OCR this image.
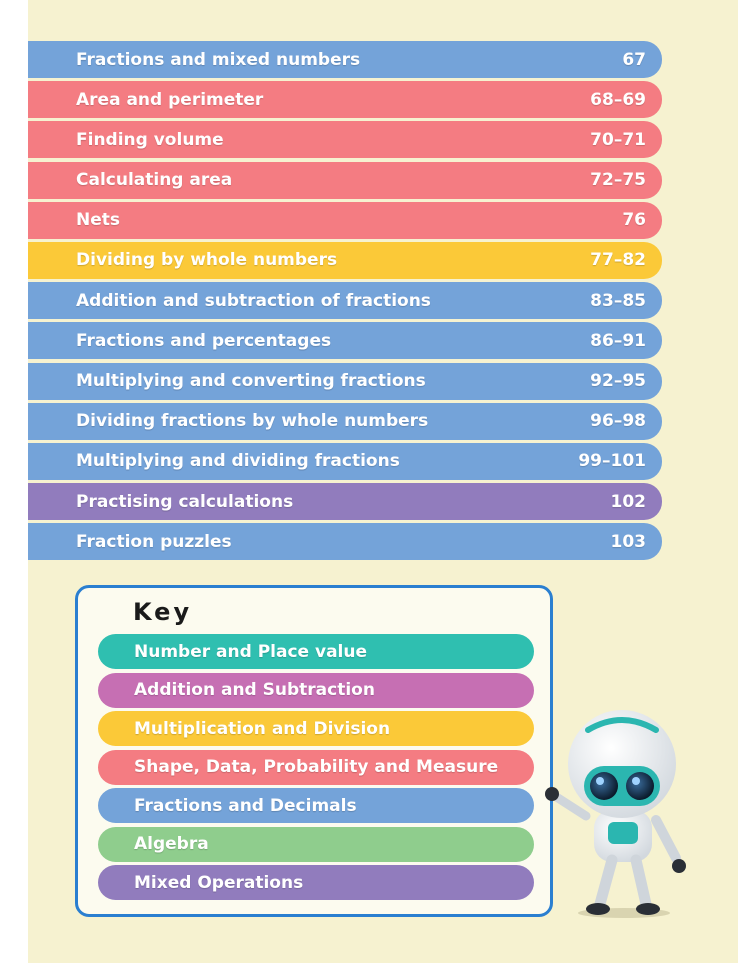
Fractions and mixed numbers	67
Area and perimeter	68–69
Finding volume	70–71
Calculating area	72–75
Nets	76
Dividing by whole numbers	77–82
Addition and subtraction of fractions	83–85
Fractions and percentages	86–91
Multiplying and converting fractions	92–95
Dividing fractions by whole numbers	96–98
Multiplying and dividing fractions	99–101
Practising calculations	102
Fraction puzzles	103
Key
Number and Place value
Addition and Subtraction
Multiplication and Division
Shape, Data, Probability and Measure
Fractions and Decimals
Algebra
Mixed Operations
